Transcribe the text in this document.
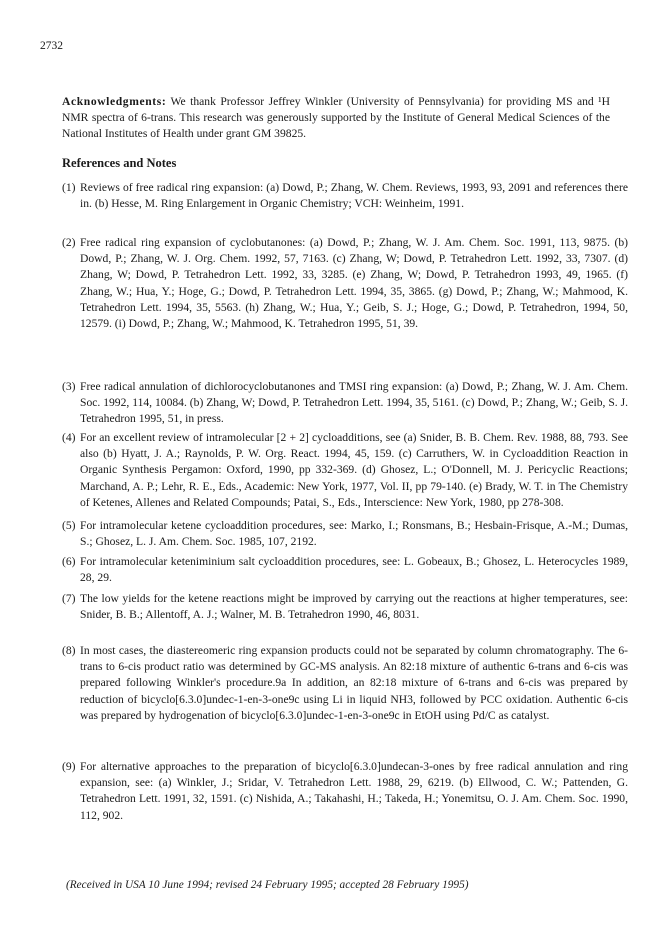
2732
Acknowledgments: We thank Professor Jeffrey Winkler (University of Pennsylvania) for providing MS and ¹H NMR spectra of 6-trans. This research was generously supported by the Institute of General Medical Sciences of the National Institutes of Health under grant GM 39825.
References and Notes
(1) Reviews of free radical ring expansion: (a) Dowd, P.; Zhang, W. Chem. Reviews, 1993, 93, 2091 and references there in. (b) Hesse, M. Ring Enlargement in Organic Chemistry; VCH: Weinheim, 1991.
(2) Free radical ring expansion of cyclobutanones: (a) Dowd, P.; Zhang, W. J. Am. Chem. Soc. 1991, 113, 9875. (b) Dowd, P.; Zhang, W. J. Org. Chem. 1992, 57, 7163. (c) Zhang, W; Dowd, P. Tetrahedron Lett. 1992, 33, 7307. (d) Zhang, W; Dowd, P. Tetrahedron Lett. 1992, 33, 3285. (e) Zhang, W; Dowd, P. Tetrahedron 1993, 49, 1965. (f) Zhang, W.; Hua, Y.; Hoge, G.; Dowd, P. Tetrahedron Lett. 1994, 35, 3865. (g) Dowd, P.; Zhang, W.; Mahmood, K. Tetrahedron Lett. 1994, 35, 5563. (h) Zhang, W.; Hua, Y.; Geib, S. J.; Hoge, G.; Dowd, P. Tetrahedron, 1994, 50, 12579. (i) Dowd, P.; Zhang, W.; Mahmood, K. Tetrahedron 1995, 51, 39.
(3) Free radical annulation of dichlorocyclobutanones and TMSI ring expansion: (a) Dowd, P.; Zhang, W. J. Am. Chem. Soc. 1992, 114, 10084. (b) Zhang, W; Dowd, P. Tetrahedron Lett. 1994, 35, 5161. (c) Dowd, P.; Zhang, W.; Geib, S. J. Tetrahedron 1995, 51, in press.
(4) For an excellent review of intramolecular [2 + 2] cycloadditions, see (a) Snider, B. B. Chem. Rev. 1988, 88, 793. See also (b) Hyatt, J. A.; Raynolds, P. W. Org. React. 1994, 45, 159. (c) Carruthers, W. in Cycloaddition Reaction in Organic Synthesis Pergamon: Oxford, 1990, pp 332-369. (d) Ghosez, L.; O'Donnell, M. J. Pericyclic Reactions; Marchand, A. P.; Lehr, R. E., Eds., Academic: New York, 1977, Vol. II, pp 79-140. (e) Brady, W. T. in The Chemistry of Ketenes, Allenes and Related Compounds; Patai, S., Eds., Interscience: New York, 1980, pp 278-308.
(5) For intramolecular ketene cycloaddition procedures, see: Marko, I.; Ronsmans, B.; Hesbain-Frisque, A.-M.; Dumas, S.; Ghosez, L. J. Am. Chem. Soc. 1985, 107, 2192.
(6) For intramolecular keteniminium salt cycloaddition procedures, see: L. Gobeaux, B.; Ghosez, L. Heterocycles 1989, 28, 29.
(7) The low yields for the ketene reactions might be improved by carrying out the reactions at higher temperatures, see: Snider, B. B.; Allentoff, A. J.; Walner, M. B. Tetrahedron 1990, 46, 8031.
(8) In most cases, the diastereomeric ring expansion products could not be separated by column chromatography. The 6-trans to 6-cis product ratio was determined by GC-MS analysis. An 82:18 mixture of authentic 6-trans and 6-cis was prepared following Winkler's procedure.9a In addition, an 82:18 mixture of 6-trans and 6-cis was prepared by reduction of bicyclo[6.3.0]undec-1-en-3-one9c using Li in liquid NH3, followed by PCC oxidation. Authentic 6-cis was prepared by hydrogenation of bicyclo[6.3.0]undec-1-en-3-one9c in EtOH using Pd/C as catalyst.
(9) For alternative approaches to the preparation of bicyclo[6.3.0]undecan-3-ones by free radical annulation and ring expansion, see: (a) Winkler, J.; Sridar, V. Tetrahedron Lett. 1988, 29, 6219. (b) Ellwood, C. W.; Pattenden, G. Tetrahedron Lett. 1991, 32, 1591. (c) Nishida, A.; Takahashi, H.; Takeda, H.; Yonemitsu, O. J. Am. Chem. Soc. 1990, 112, 902.
(Received in USA 10 June 1994; revised 24 February 1995; accepted 28 February 1995)
